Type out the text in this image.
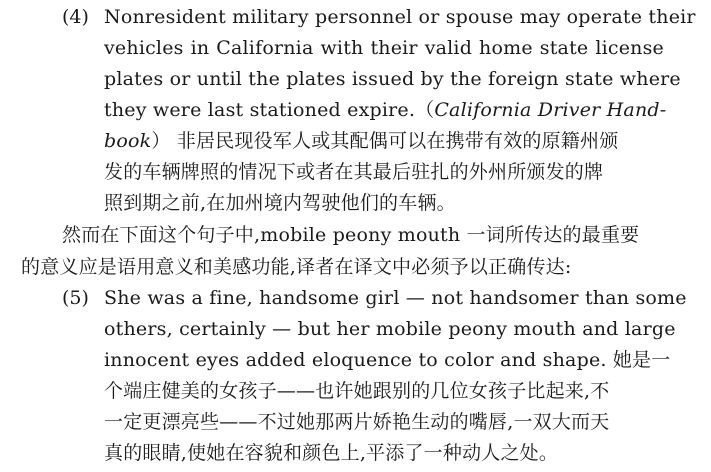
(4) Nonresident military personnel or spouse may operate their
vehicles in California with their valid home state license
plates or until the plates issued by the foreign state where
they were last stationed expire.（California Driver Hand-
book） 非居民现役军人或其配偶可以在携带有效的原籍州颁
发的车辆牌照的情况下或者在其最后驻扎的外州所颁发的牌
照到期之前,在加州境内驾驶他们的车辆。
然而在下面这个句子中,mobile peony mouth 一词所传达的最重要
的意义应是语用意义和美感功能,译者在译文中必须予以正确传达:
(5) She was a fine, handsome girl — not handsomer than some
others, certainly — but her mobile peony mouth and large
innocent eyes added eloquence to color and shape. 她是一
个端庄健美的女孩子——也许她跟别的几位女孩子比起来,不
一定更漂亮些——不过她那两片娇艳生动的嘴唇,一双大而天
真的眼睛,使她在容貌和颜色上,平添了一种动人之处。
